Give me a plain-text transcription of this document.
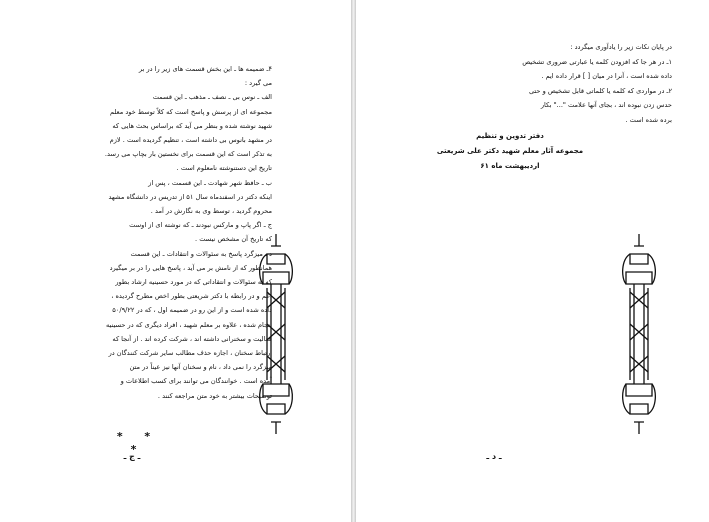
۴ـ ضمیمه ها ـ این بخش قسمت های زیر را در بر

می گیرد :

الف ـ نوس بی ـ نصف ـ مذهب ـ این قسمت

مجموعه ای از پرسش و پاسخ است که کلاً توسط خود معلم

شهید نوشته شده و بنظر می آید که براساس بحث هایی که

در مشهد بانوس بی داشته است ، تنظیم گردیده است . لازم

به تذکر است که این قسمت برای نخستین بار بچاپ می رسد.

تاریخ این دستنوشته نامعلوم است .

ب ـ حافظ شهر شهادت ـ این قسمت ، پس از

اینکه دکتر در اسفندماه سال ۵۱ از تدریس در دانشگاه مشهد

محروم گردید ، توسط وی به نگارش در آمد .

ج ـ اگر پاپ و مارکس نبودند ـ که نوشته ای از اوست

که تاریخ آن مشخص نیست .

د ـ میزگرد پاسخ به سئوالات و انتقادات ـ این قسمت

همانطور که از نامش بر می آید ، پاسخ هایی را در بر میگیرد

که به سئوالات و انتقاداتی که در مورد حسینیه ارشاد بطور

اعم و در رابطه با دکتر شریعتی بطور اخص مطرح گردیده ،

داده شده است و از این رو در ضمیمه اول ، که در ۵۰/۹/۲۲

انجام شده ، علاوه بر معلم شهید ، افراد دیگری که در حسینیه

فعالیت و سخنرانی داشته اند ، شرکت کرده اند . از آنجا که

ارتباط سخنان ، اجازه حذف مطالب سایر شرکت کنندگان در

میزگرد را نمی داد ، نام و سخنان آنها نیز عیناً در متن

آمده است . خوانندگان می توانند برای کسب اطلاعات و

توضیحات بیشتر به خود متن مراجعه کنند .

* * *
ـ ج ـ

در پایان نکات زیر را یادآوری میگردد :

۱ـ در هر جا که افزودن کلمه یا عبارتی ضروری تشخیص

داده شده است ، آنرا در میان [ ] قرار داده ایم .

۲ـ در مواردی که کلمه یا کلماتی قابل تشخیص و حتی

حدس زدن نبوده اند ، بجای آنها علامت "..." بکار

برده شده است .

دفتر تدوین و تنظیم

مجموعه آثار معلم شهید دکتر علی شریعتی

اردیبهشت ماه ۶۱

ـ د ـ
